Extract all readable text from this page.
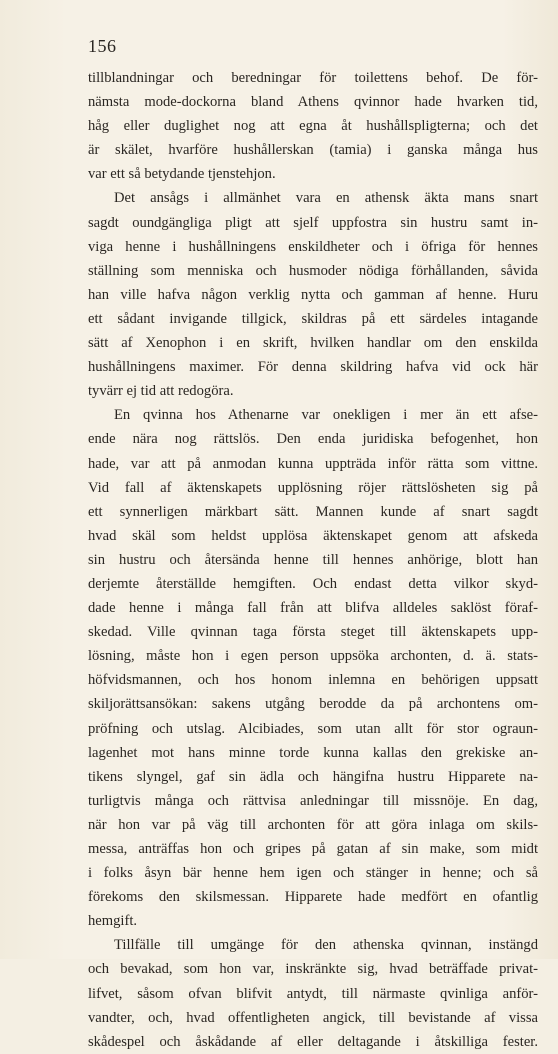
156
tillblandningar och beredningar för toilettens behof. De för-
nämsta mode-dockorna bland Athens qvinnor hade hvarken tid,
håg eller duglighet nog att egna åt hushållspligterna; och det
är skälet, hvarföre hushållerskan (tamia) i ganska många hus
var ett så betydande tjenstehjon.
Det ansågs i allmänhet vara en athensk äkta mans snart
sagdt oundgängliga pligt att sjelf uppfostra sin hustru samt in-
viga henne i hushållningens enskildheter och i öfriga för hennes
ställning som menniska och husmoder nödiga förhållanden, såvida
han ville hafva någon verklig nytta och gamman af henne. Huru
ett sådant invigande tillgick, skildras på ett särdeles intagande
sätt af Xenophon i en skrift, hvilken handlar om den enskilda
hushållningens maximer. För denna skildring hafva vid ock här
tyvärr ej tid att redogöra.
En qvinna hos Athenarne var onekligen i mer än ett afse-
ende nära nog rättslös. Den enda juridiska befogenhet, hon
hade, var att på anmodan kunna uppträda inför rätta som vittne.
Vid fall af äktenskapets upplösning röjer rättslösheten sig på
ett synnerligen märkbart sätt. Mannen kunde af snart sagdt
hvad skäl som heldst upplösa äktenskapet genom att afskeda
sin hustru och återsända henne till hennes anhörige, blott han
derjemte återställde hemgiften. Och endast detta vilkor skyd-
dade henne i många fall från att blifva alldeles saklöst föraf-
skedad. Ville qvinnan taga första steget till äktenskapets upp-
lösning, måste hon i egen person uppsöka archonten, d. ä. stats-
höfvidsmannen, och hos honom inlemna en behörigen uppsatt
skiljorättsansökan: sakens utgång berodde da på archontens om-
pröfning och utslag. Alcibiades, som utan allt för stor ograun-
lagenhet mot hans minne torde kunna kallas den grekiske an-
tikens slyngel, gaf sin ädla och hängifna hustru Hipparete na-
turligtvis många och rättvisa anledningar till missnöje. En dag,
när hon var på väg till archonten för att göra inlaga om skils-
messa, anträffas hon och gripes på gatan af sin make, som midt
i folks åsyn bär henne hem igen och stänger in henne; och så
förekoms den skilsmessan. Hipparete hade medfört en ofantlig
hemgift.
Tillfälle till umgänge för den athenska qvinnan, instängd
och bevakad, som hon var, inskränkte sig, hvad beträffade privat-
lifvet, såsom ofvan blifvit antydt, till närmaste qvinliga anför-
vandter, och, hvad offentligheten angick, till bevistande af vissa
skådespel och åskådande af eller deltagande i åtskilliga fester.
